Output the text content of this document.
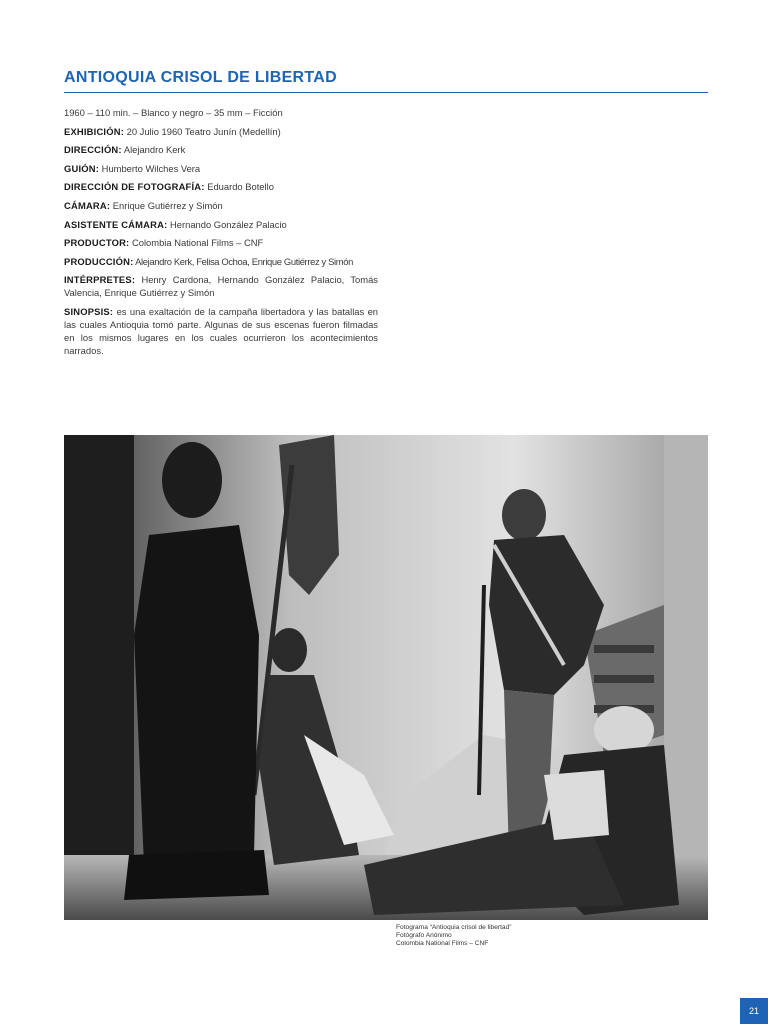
ANTIOQUIA CRISOL DE LIBERTAD

1960 – 110 min. – Blanco y negro – 35 mm – Ficción

EXHIBICIÓN: 20 Julio 1960 Teatro Junín (Medellín)

DIRECCIÓN: Alejandro Kerk

GUIÓN: Humberto Wilches Vera

DIRECCIÓN DE FOTOGRAFÍA: Eduardo Botello

CÁMARA: Enrique Gutiérrez y Simón

ASISTENTE CÁMARA: Hernando González Palacio

PRODUCTOR: Colombia National Films – CNF

PRODUCCIÓN: Alejandro Kerk, Felisa Ochoa, Enrique Gutiérrez y Simón

INTÉRPRETES: Henry Cardona, Hernando González Palacio, Tomás Valencia, Enrique Gutiérrez y Simón

SINOPSIS: es una exaltación de la campaña libertadora y las batallas en las cuales Antioquia tomó parte. Algunas de sus escenas fueron filmadas en los mismos lugares en los cuales ocurrieron los acontecimientos narrados.

Fotograma “Antioquia crisol de libertad”
Fotógrafo Anónimo
Colombia National Films – CNF
21
